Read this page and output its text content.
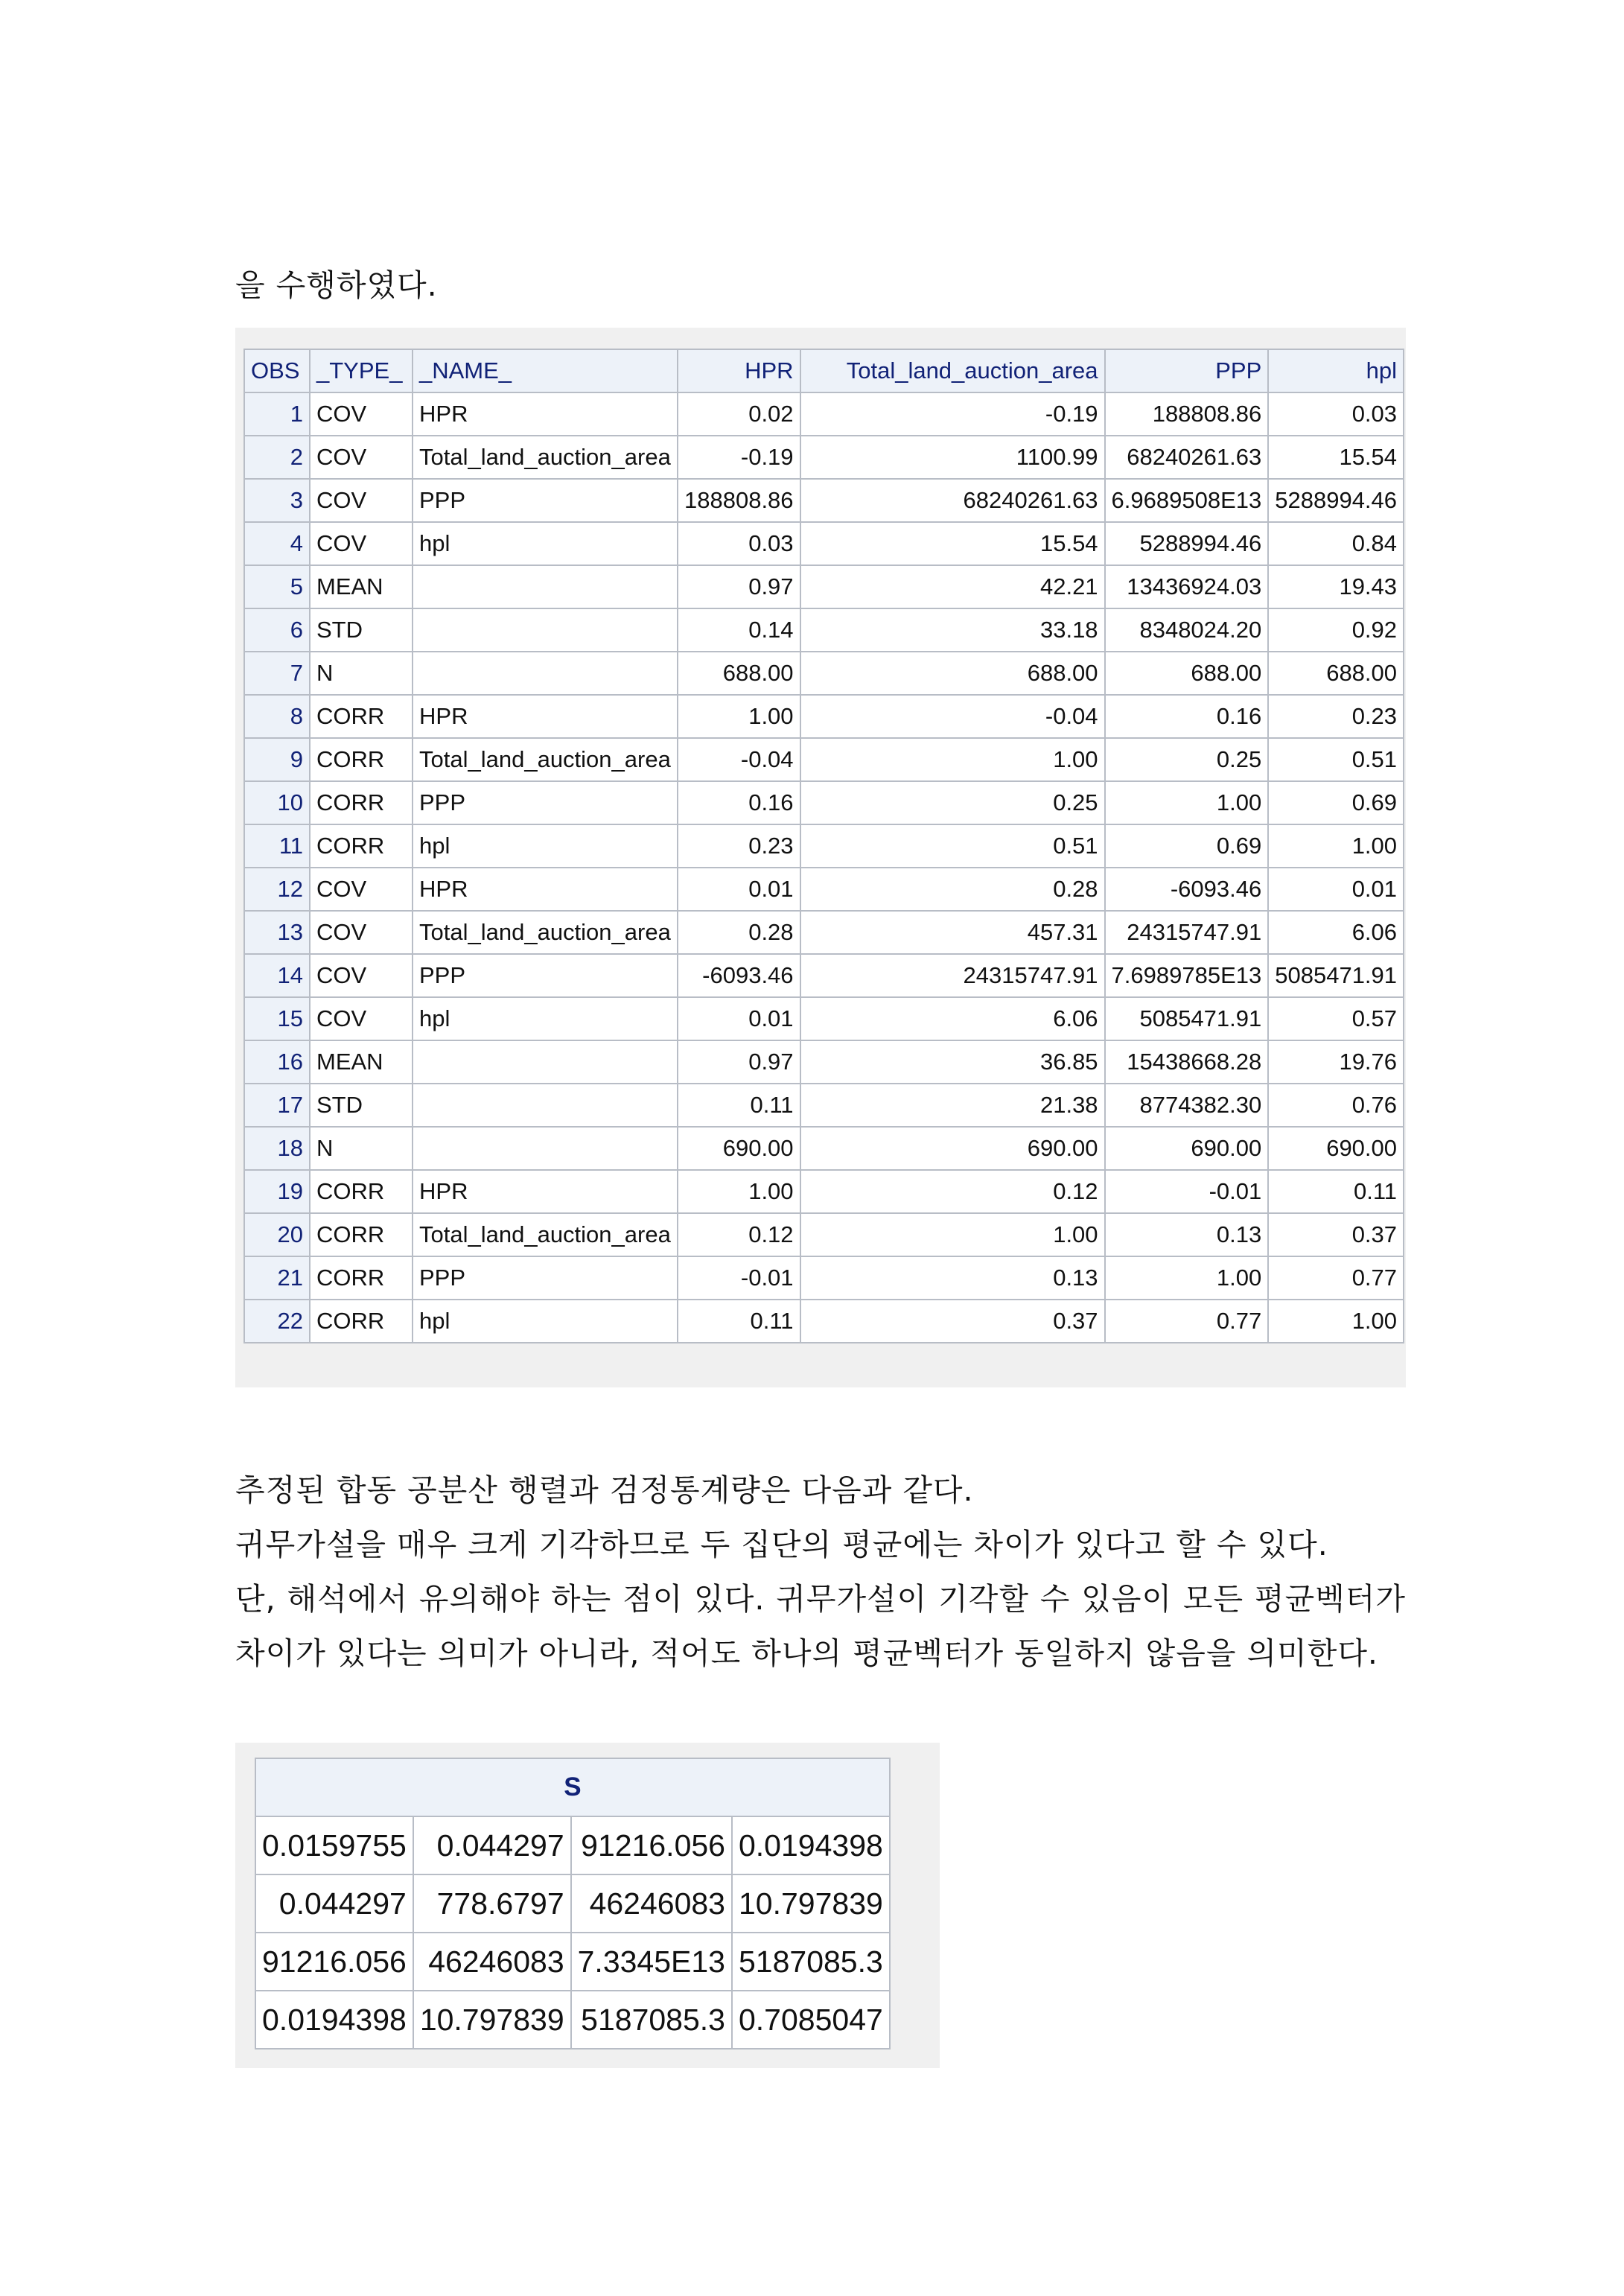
을 수행하였다.

OBS	_TYPE_	_NAME_	HPR	Total_land_auction_area	PPP	hpl
1	COV	HPR	0.02	-0.19	188808.86	0.03
2	COV	Total_land_auction_area	-0.19	1100.99	68240261.63	15.54
3	COV	PPP	188808.86	68240261.63	6.9689508E13	5288994.46
4	COV	hpl	0.03	15.54	5288994.46	0.84
5	MEAN		0.97	42.21	13436924.03	19.43
6	STD		0.14	33.18	8348024.20	0.92
7	N		688.00	688.00	688.00	688.00
8	CORR	HPR	1.00	-0.04	0.16	0.23
9	CORR	Total_land_auction_area	-0.04	1.00	0.25	0.51
10	CORR	PPP	0.16	0.25	1.00	0.69
11	CORR	hpl	0.23	0.51	0.69	1.00
12	COV	HPR	0.01	0.28	-6093.46	0.01
13	COV	Total_land_auction_area	0.28	457.31	24315747.91	6.06
14	COV	PPP	-6093.46	24315747.91	7.6989785E13	5085471.91
15	COV	hpl	0.01	6.06	5085471.91	0.57
16	MEAN		0.97	36.85	15438668.28	19.76
17	STD		0.11	21.38	8774382.30	0.76
18	N		690.00	690.00	690.00	690.00
19	CORR	HPR	1.00	0.12	-0.01	0.11
20	CORR	Total_land_auction_area	0.12	1.00	0.13	0.37
21	CORR	PPP	-0.01	0.13	1.00	0.77
22	CORR	hpl	0.11	0.37	0.77	1.00
추정된 합동 공분산 행렬과 검정통계량은 다음과 같다.
귀무가설을 매우 크게 기각하므로 두 집단의 평균에는 차이가 있다고 할 수 있다.
단, 해석에서 유의해야 하는 점이 있다. 귀무가설이 기각할 수 있음이 모든 평균벡터가 차이가 있다는 의미가 아니라, 적어도 하나의 평균벡터가 동일하지 않음을 의미한다.
S			
0.0159755	0.044297	91216.056	0.0194398
0.044297	778.6797	46246083	10.797839
91216.056	46246083	7.3345E13	5187085.3
0.0194398	10.797839	5187085.3	0.7085047
